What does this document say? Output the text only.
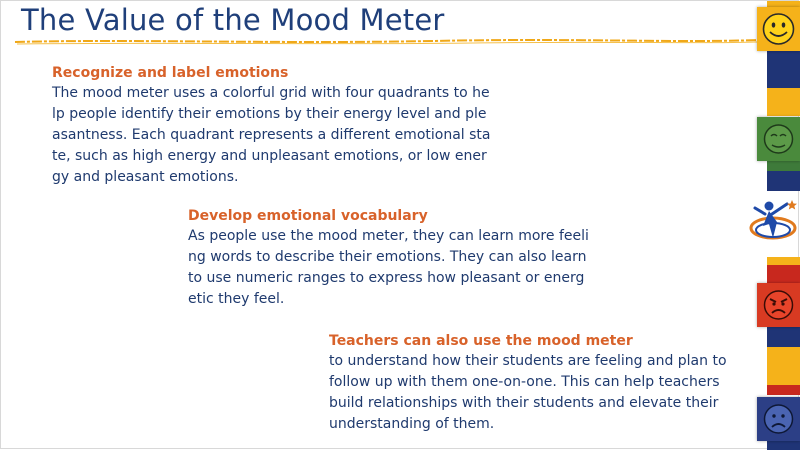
The Value of the Mood Meter
Recognize and label emotions

The mood meter uses a colorful grid with four quadrants to help people identify their emotions by their energy level and pleasantness. Each quadrant represents a different emotional state, such as high energy and unpleasant emotions, or low energy and pleasant emotions.

Develop emotional vocabulary

As people use the mood meter, they can learn more feeling words to describe their emotions. They can also learn to use numeric ranges to express how pleasant or energetic they feel.

Teachers can also use the mood meter

to understand how their students are feeling and plan to follow up with them one-on-one. This can help teachers build relationships with their students and elevate their understanding of them.
